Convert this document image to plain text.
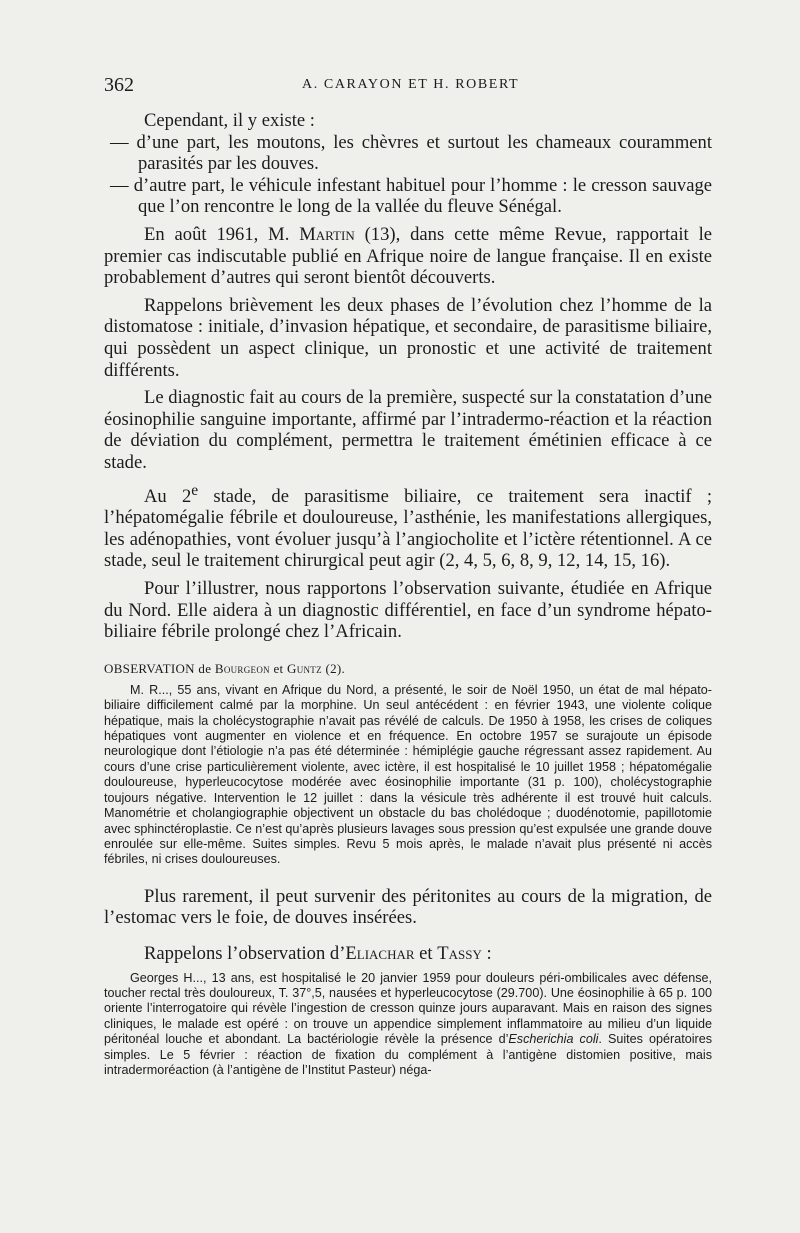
362	A. CARAYON ET H. ROBERT

Cependant, il y existe :

— d’une part, les moutons, les chèvres et surtout les chameaux couramment parasités par les douves.

— d’autre part, le véhicule infestant habituel pour l’homme : le cresson sauvage que l’on rencontre le long de la vallée du fleuve Sénégal.

En août 1961, M. Martin (13), dans cette même Revue, rapportait le premier cas indiscutable publié en Afrique noire de langue française. Il en existe probablement d’autres qui seront bientôt découverts.

Rappelons brièvement les deux phases de l’évolution chez l’homme de la distomatose : initiale, d’invasion hépatique, et secondaire, de parasitisme biliaire, qui possèdent un aspect clinique, un pronostic et une activité de traitement différents.

Le diagnostic fait au cours de la première, suspecté sur la constatation d’une éosinophilie sanguine importante, affirmé par l’intradermo-réaction et la réaction de déviation du complément, permettra le traitement émétinien efficace à ce stade.

Au 2e stade, de parasitisme biliaire, ce traitement sera inactif ; l’hépatomégalie fébrile et douloureuse, l’asthénie, les manifestations allergiques, les adénopathies, vont évoluer jusqu’à l’angiocholite et l’ictère rétentionnel. A ce stade, seul le traitement chirurgical peut agir (2, 4, 5, 6, 8, 9, 12, 14, 15, 16).

Pour l’illustrer, nous rapportons l’observation suivante, étudiée en Afrique du Nord. Elle aidera à un diagnostic différentiel, en face d’un syndrome hépato-biliaire fébrile prolongé chez l’Africain.

OBSERVATION de Bourgeon et Guntz (2).

M. R..., 55 ans, vivant en Afrique du Nord, a présenté, le soir de Noël 1950, un état de mal hépato-biliaire difficilement calmé par la morphine. Un seul antécédent : en février 1943, une violente colique hépatique, mais la cholécystographie n’avait pas révélé de calculs. De 1950 à 1958, les crises de coliques hépatiques vont augmenter en violence et en fréquence. En octobre 1957 se surajoute un épisode neurologique dont l’étiologie n’a pas été déterminée : hémiplégie gauche régressant assez rapidement. Au cours d’une crise particulièrement violente, avec ictère, il est hospitalisé le 10 juillet 1958 ; hépatomégalie douloureuse, hyperleucocytose modérée avec éosinophilie importante (31 p. 100), cholécystographie toujours négative. Intervention le 12 juillet : dans la vésicule très adhérente il est trouvé huit calculs. Manométrie et cholangiographie objectivent un obstacle du bas cholédoque ; duodénotomie, papillotomie avec sphinctéroplastie. Ce n’est qu’après plusieurs lavages sous pression qu’est expulsée une grande douve enroulée sur elle-même. Suites simples. Revu 5 mois après, le malade n’avait plus présenté ni accès fébriles, ni crises douloureuses.

Plus rarement, il peut survenir des péritonites au cours de la migration, de l’estomac vers le foie, de douves insérées.

Rappelons l’observation d’Eliachar et Tassy :

Georges H..., 13 ans, est hospitalisé le 20 janvier 1959 pour douleurs péri-ombilicales avec défense, toucher rectal très douloureux, T. 37°,5, nausées et hyperleucocytose (29.700). Une éosinophilie à 65 p. 100 oriente l’interrogatoire qui révèle l’ingestion de cresson quinze jours auparavant. Mais en raison des signes cliniques, le malade est opéré : on trouve un appendice simplement inflammatoire au milieu d’un liquide péritonéal louche et abondant. La bactériologie révèle la présence d’Escherichia coli. Suites opératoires simples. Le 5 février : réaction de fixation du complément à l’antigène distomien positive, mais intradermoréaction (à l’antigène de l’Institut Pasteur) néga-
